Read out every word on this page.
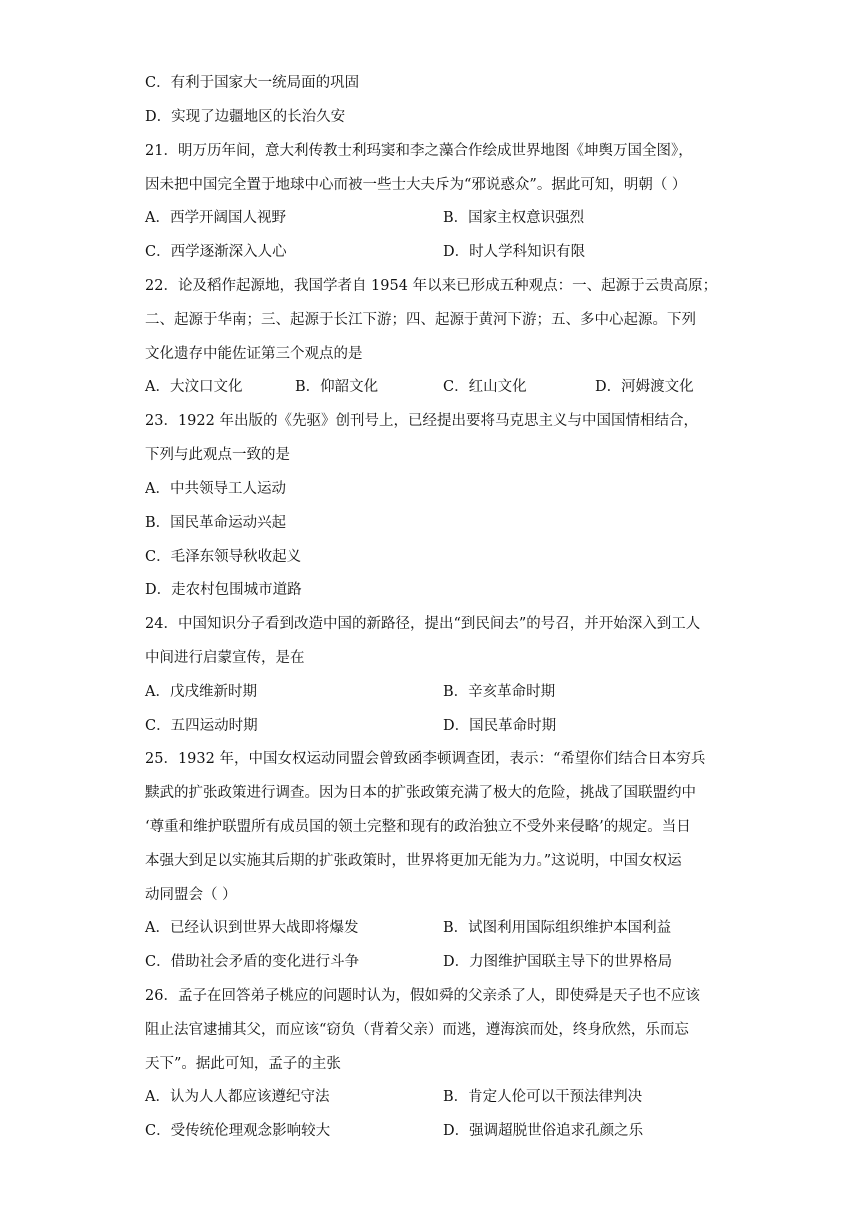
C．有利于国家大一统局面的巩固
D．实现了边疆地区的长治久安
21．明万历年间，意大利传教士利玛窦和李之藻合作绘成世界地图《坤舆万国全图》，
因未把中国完全置于地球中心而被一些士大夫斥为“邪说惑众”。据此可知，明朝（ ）
A．西学开阔国人视野	B．国家主权意识强烈
C．西学逐渐深入人心	D．时人学科知识有限
22．论及稻作起源地，我国学者自 1954 年以来已形成五种观点：一、起源于云贵高原；
二、起源于华南；三、起源于长江下游；四、起源于黄河下游；五、多中心起源。下列
文化遗存中能佐证第三个观点的是
A．大汶口文化	B．仰韶文化	C．红山文化	D．河姆渡文化
23．1922 年出版的《先驱》创刊号上，已经提出要将马克思主义与中国国情相结合，
下列与此观点一致的是
A．中共领导工人运动
B．国民革命运动兴起
C．毛泽东领导秋收起义
D．走农村包围城市道路
24．中国知识分子看到改造中国的新路径，提出“到民间去”的号召，并开始深入到工人
中间进行启蒙宣传，是在
A．戊戌维新时期	B．辛亥革命时期
C．五四运动时期	D．国民革命时期
25．1932 年，中国女权运动同盟会曾致函李顿调查团，表示：“希望你们结合日本穷兵
黩武的扩张政策进行调查。因为日本的扩张政策充满了极大的危险，挑战了国联盟约中
‘尊重和维护联盟所有成员国的领土完整和现有的政治独立不受外来侵略’的规定。当日
本强大到足以实施其后期的扩张政策时，世界将更加无能为力。”这说明，中国女权运
动同盟会（ ）
A．已经认识到世界大战即将爆发	B．试图利用国际组织维护本国利益
C．借助社会矛盾的变化进行斗争	D．力图维护国联主导下的世界格局
26．孟子在回答弟子桃应的问题时认为，假如舜的父亲杀了人，即使舜是天子也不应该
阻止法官逮捕其父，而应该“窃负（背着父亲）而逃，遵海滨而处，终身欣然，乐而忘
天下”。据此可知，孟子的主张
A．认为人人都应该遵纪守法	B．肯定人伦可以干预法律判决
C．受传统伦理观念影响较大	D．强调超脱世俗追求孔颜之乐
